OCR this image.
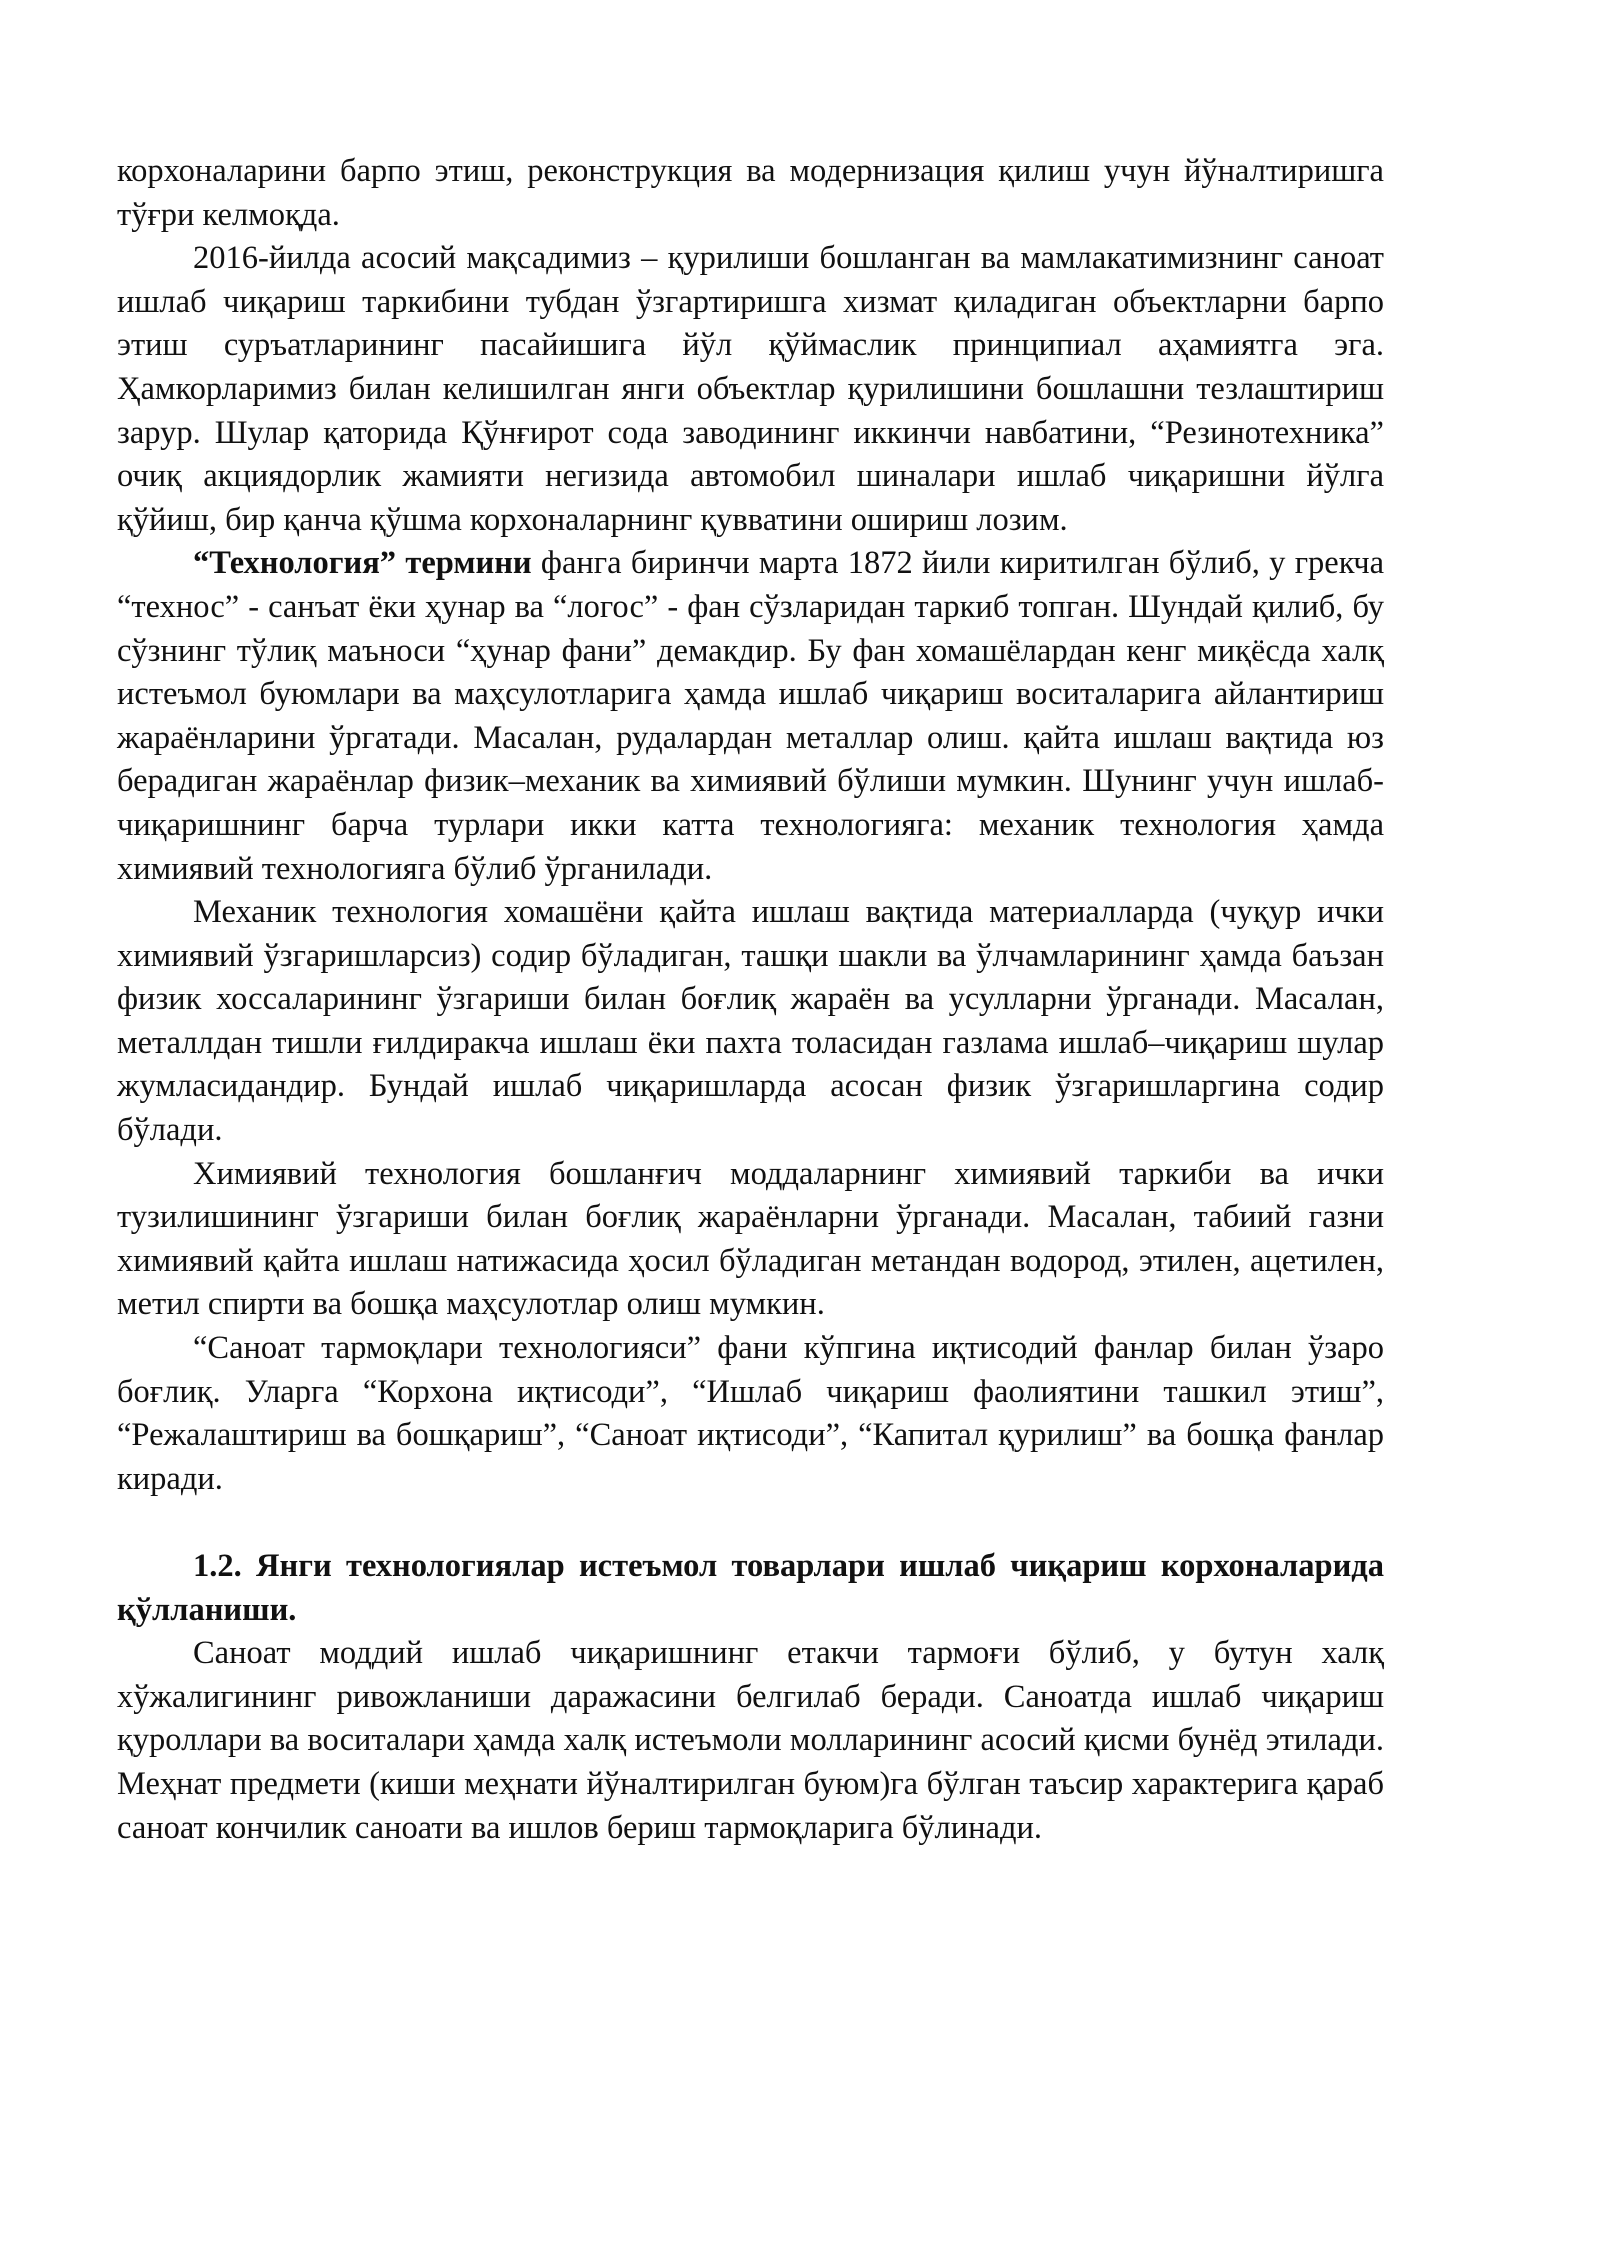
корхоналарини барпо этиш, реконструкция ва модернизация қилиш учун йўналтиришга тўғри келмоқда.

2016-йилда асосий мақсадимиз – қурилиши бошланган ва мамлакатимизнинг саноат ишлаб чиқариш таркибини тубдан ўзгартиришга хизмат қиладиган объектларни барпо этиш суръатларининг пасайишига йўл қўймаслик принципиал аҳамиятга эга. Ҳамкорларимиз билан келишилган янги объектлар қурилишини бошлашни тезлаштириш зарур. Шулар қаторида Қўнғирот сода заводининг иккинчи навбатини, “Резинотехника” очиқ акциядорлик жамияти негизида автомобил шиналари ишлаб чиқаришни йўлга қўйиш, бир қанча қўшма корхоналарнинг қувватини ошириш лозим.

“Технология” термини фанга биринчи марта 1872 йили киритилган бўлиб, у грекча “технос” - санъат ёки ҳунар ва “логос” - фан сўзларидан таркиб топган. Шундай қилиб, бу сўзнинг тўлиқ маъноси “ҳунар фани” демакдир. Бу фан хомашёлардан кенг миқёсда халқ истеъмол буюмлари ва маҳсулотларига ҳамда ишлаб чиқариш воситаларига айлантириш жараёнларини ўргатади. Масалан, рудалардан металлар олиш. қайта ишлаш вақтида юз берадиган жараёнлар физик–механик ва химиявий бўлиши мумкин. Шунинг учун ишлаб-чиқаришнинг барча турлари икки катта технологияга: механик технология ҳамда химиявий технологияга бўлиб ўрганилади.

Механик технология хомашёни қайта ишлаш вақтида материалларда (чуқур ички химиявий ўзгаришларсиз) содир бўладиган, ташқи шакли ва ўлчамларининг ҳамда баъзан физик хоссаларининг ўзгариши билан боғлиқ жараён ва усулларни ўрганади. Масалан, металлдан тишли ғилдиракча ишлаш ёки пахта толасидан газлама ишлаб–чиқариш шулар жумласидандир. Бундай ишлаб чиқаришларда асосан физик ўзгаришларгина содир бўлади.

Химиявий технология бошланғич моддаларнинг химиявий таркиби ва ички тузилишининг ўзгариши билан боғлиқ жараёнларни ўрганади. Масалан, табиий газни химиявий қайта ишлаш натижасида ҳосил бўладиган метандан водород, этилен, ацетилен, метил спирти ва бошқа маҳсулотлар олиш мумкин.

“Саноат тармоқлари технологияси” фани кўпгина иқтисодий фанлар билан ўзаро боғлиқ. Уларга “Корхона иқтисоди”, “Ишлаб чиқариш фаолиятини ташкил этиш”, “Режалаштириш ва бошқариш”, “Саноат иқтисоди”, “Капитал қурилиш” ва бошқа фанлар киради.

1.2. Янги технологиялар истеъмол товарлари ишлаб чиқариш корхоналарида қўлланиши.

Саноат моддий ишлаб чиқаришнинг етакчи тармоғи бўлиб, у бутун халқ хўжалигининг ривожланиши даражасини белгилаб беради. Саноатда ишлаб чиқариш қуроллари ва воситалари ҳамда халқ истеъмоли молларининг асосий қисми бунёд этилади. Меҳнат предмети (киши меҳнати йўналтирилган буюм)га бўлган таъсир характерига қараб саноат кончилик саноати ва ишлов бериш тармоқларига бўлинади.
